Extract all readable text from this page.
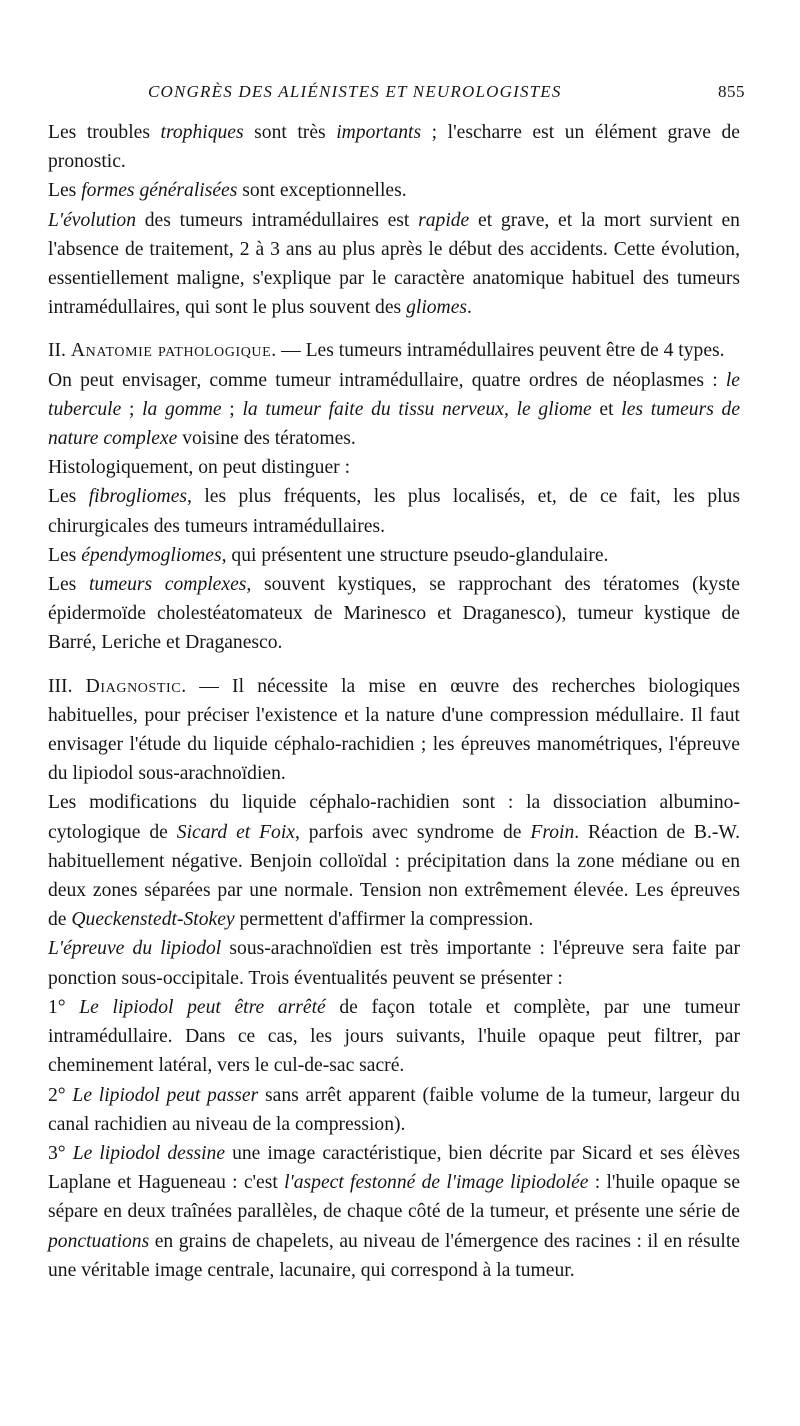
CONGRÈS DES ALIÉNISTES ET NEUROLOGISTES	855

Les troubles trophiques sont très importants ; l'escharre est un élément grave de pronostic.

Les formes généralisées sont exceptionnelles.

L'évolution des tumeurs intramédullaires est rapide et grave, et la mort survient en l'absence de traitement, 2 à 3 ans au plus après le début des accidents. Cette évolution, essentiellement maligne, s'explique par le caractère anatomique habituel des tumeurs intramédullaires, qui sont le plus souvent des gliomes.

II. Anatomie pathologique. — Les tumeurs intramédullaires peuvent être de 4 types.

On peut envisager, comme tumeur intramédullaire, quatre ordres de néoplasmes : le tubercule ; la gomme ; la tumeur faite du tissu nerveux, le gliome et les tumeurs de nature complexe voisine des tératomes.

Histologiquement, on peut distinguer :

Les fibrogliomes, les plus fréquents, les plus localisés, et, de ce fait, les plus chirurgicales des tumeurs intramédullaires.

Les épendymogliomes, qui présentent une structure pseudo-glandulaire.

Les tumeurs complexes, souvent kystiques, se rapprochant des tératomes (kyste épidermoïde cholestéatomateux de Marinesco et Draganesco), tumeur kystique de Barré, Leriche et Draganesco.

III. Diagnostic. — Il nécessite la mise en œuvre des recherches biologiques habituelles, pour préciser l'existence et la nature d'une compression médullaire. Il faut envisager l'étude du liquide céphalo-rachidien ; les épreuves manométriques, l'épreuve du lipiodol sous-arachnoïdien.

Les modifications du liquide céphalo-rachidien sont : la dissociation albumino-cytologique de Sicard et Foix, parfois avec syndrome de Froin. Réaction de B.-W. habituellement négative. Benjoin colloïdal : précipitation dans la zone médiane ou en deux zones séparées par une normale. Tension non extrêmement élevée. Les épreuves de Queckenstedt-Stokey permettent d'affirmer la compression.

L'épreuve du lipiodol sous-arachnoïdien est très importante : l'épreuve sera faite par ponction sous-occipitale. Trois éventualités peuvent se présenter :

1° Le lipiodol peut être arrêté de façon totale et complète, par une tumeur intramédullaire. Dans ce cas, les jours suivants, l'huile opaque peut filtrer, par cheminement latéral, vers le cul-de-sac sacré.

2° Le lipiodol peut passer sans arrêt apparent (faible volume de la tumeur, largeur du canal rachidien au niveau de la compression).

3° Le lipiodol dessine une image caractéristique, bien décrite par Sicard et ses élèves Laplane et Hagueneau : c'est l'aspect festonné de l'image lipiodolée : l'huile opaque se sépare en deux traînées parallèles, de chaque côté de la tumeur, et présente une série de ponctuations en grains de chapelets, au niveau de l'émergence des racines : il en résulte une véritable image centrale, lacunaire, qui correspond à la tumeur.
